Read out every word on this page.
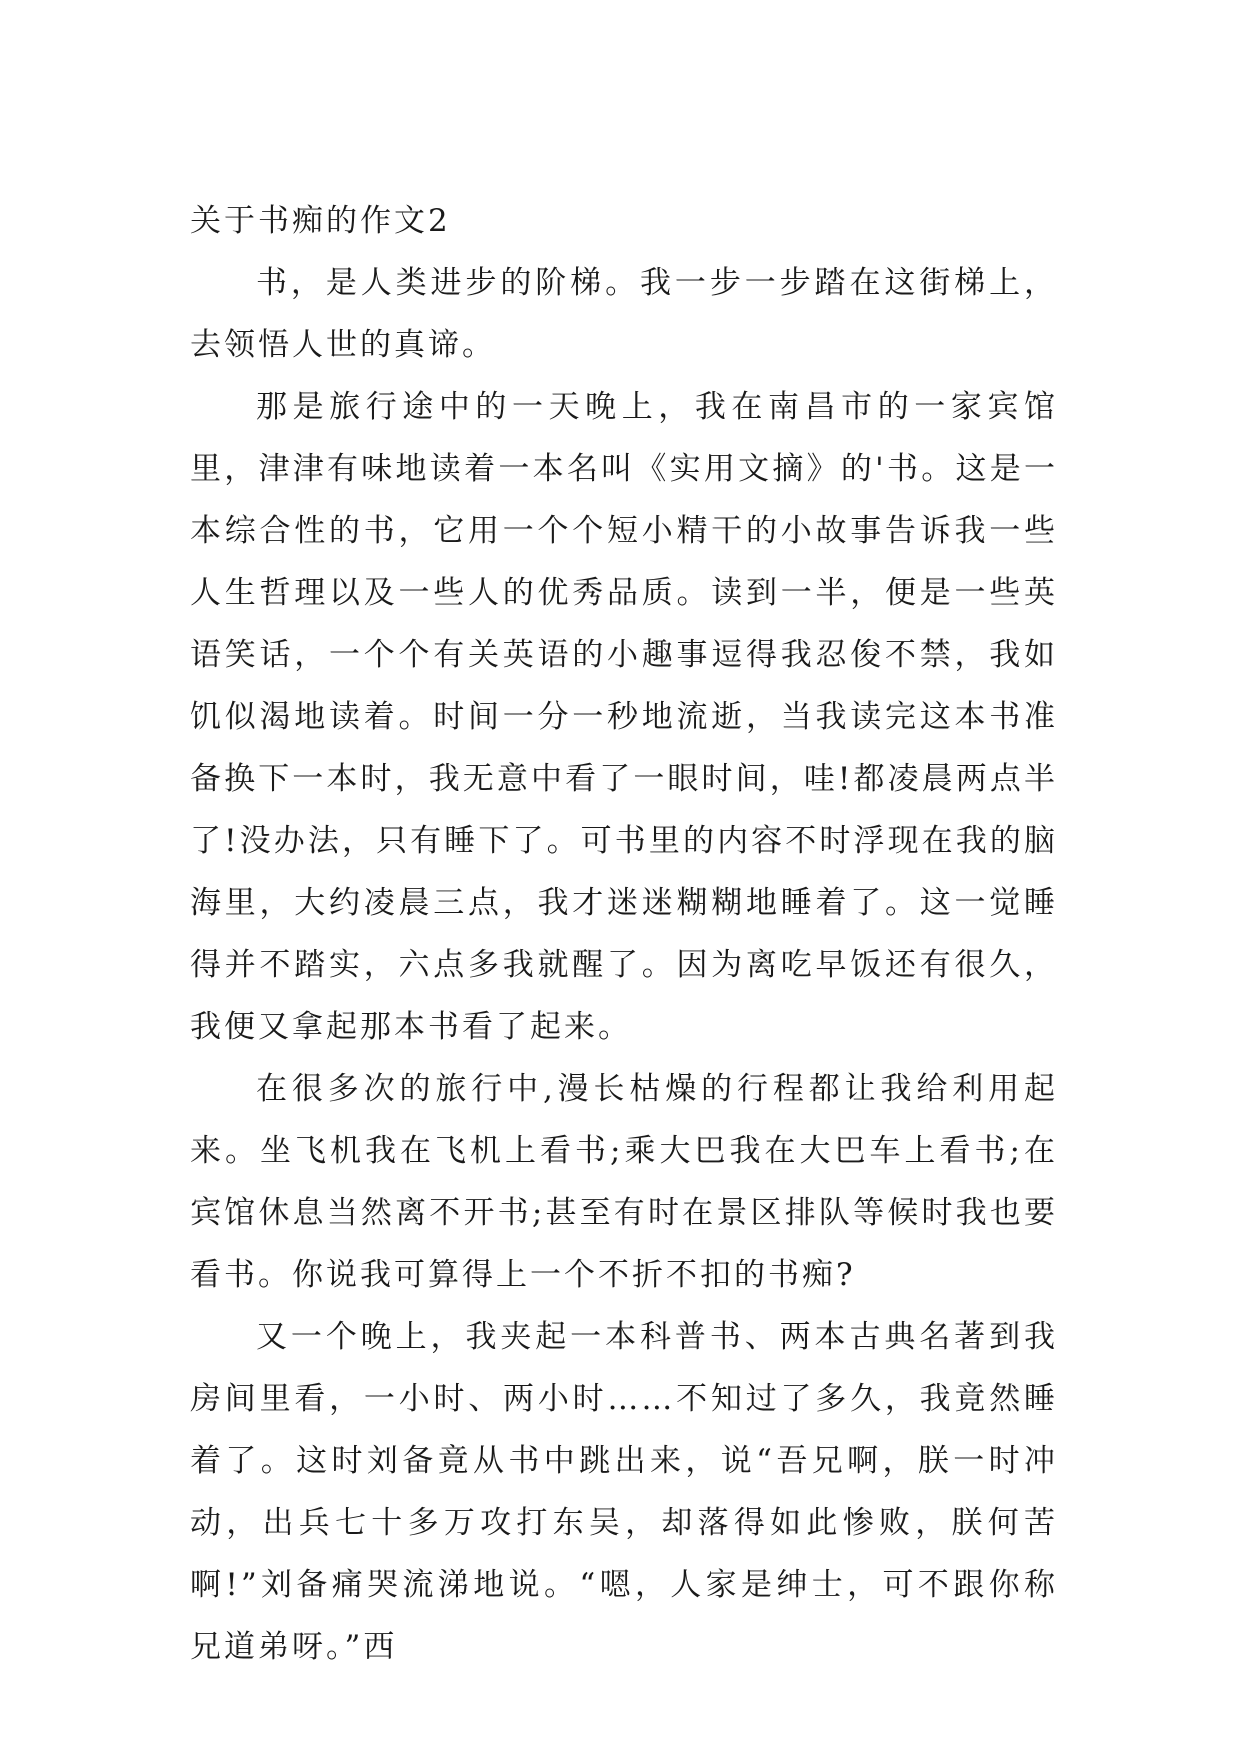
关于书痴的作文2

书，是人类进步的阶梯。我一步一步踏在这街梯上，去领悟人世的真谛。

那是旅行途中的一天晚上，我在南昌市的一家宾馆里，津津有味地读着一本名叫《实用文摘》的'书。这是一本综合性的书，它用一个个短小精干的小故事告诉我一些人生哲理以及一些人的优秀品质。读到一半，便是一些英语笑话，一个个有关英语的小趣事逗得我忍俊不禁，我如饥似渴地读着。时间一分一秒地流逝，当我读完这本书准备换下一本时，我无意中看了一眼时间，哇!都凌晨两点半了!没办法，只有睡下了。可书里的内容不时浮现在我的脑海里，大约凌晨三点，我才迷迷糊糊地睡着了。这一觉睡得并不踏实，六点多我就醒了。因为离吃早饭还有很久，我便又拿起那本书看了起来。

在很多次的旅行中,漫长枯燥的行程都让我给利用起来。坐飞机我在飞机上看书;乘大巴我在大巴车上看书;在宾馆休息当然离不开书;甚至有时在景区排队等候时我也要看书。你说我可算得上一个不折不扣的书痴?

又一个晚上，我夹起一本科普书、两本古典名著到我房间里看，一小时、两小时……不知过了多久，我竟然睡着了。这时刘备竟从书中跳出来，说“吾兄啊，朕一时冲动，出兵七十多万攻打东吴，却落得如此惨败，朕何苦啊!”刘备痛哭流涕地说。“嗯，人家是绅士，可不跟你称兄道弟呀。”西
